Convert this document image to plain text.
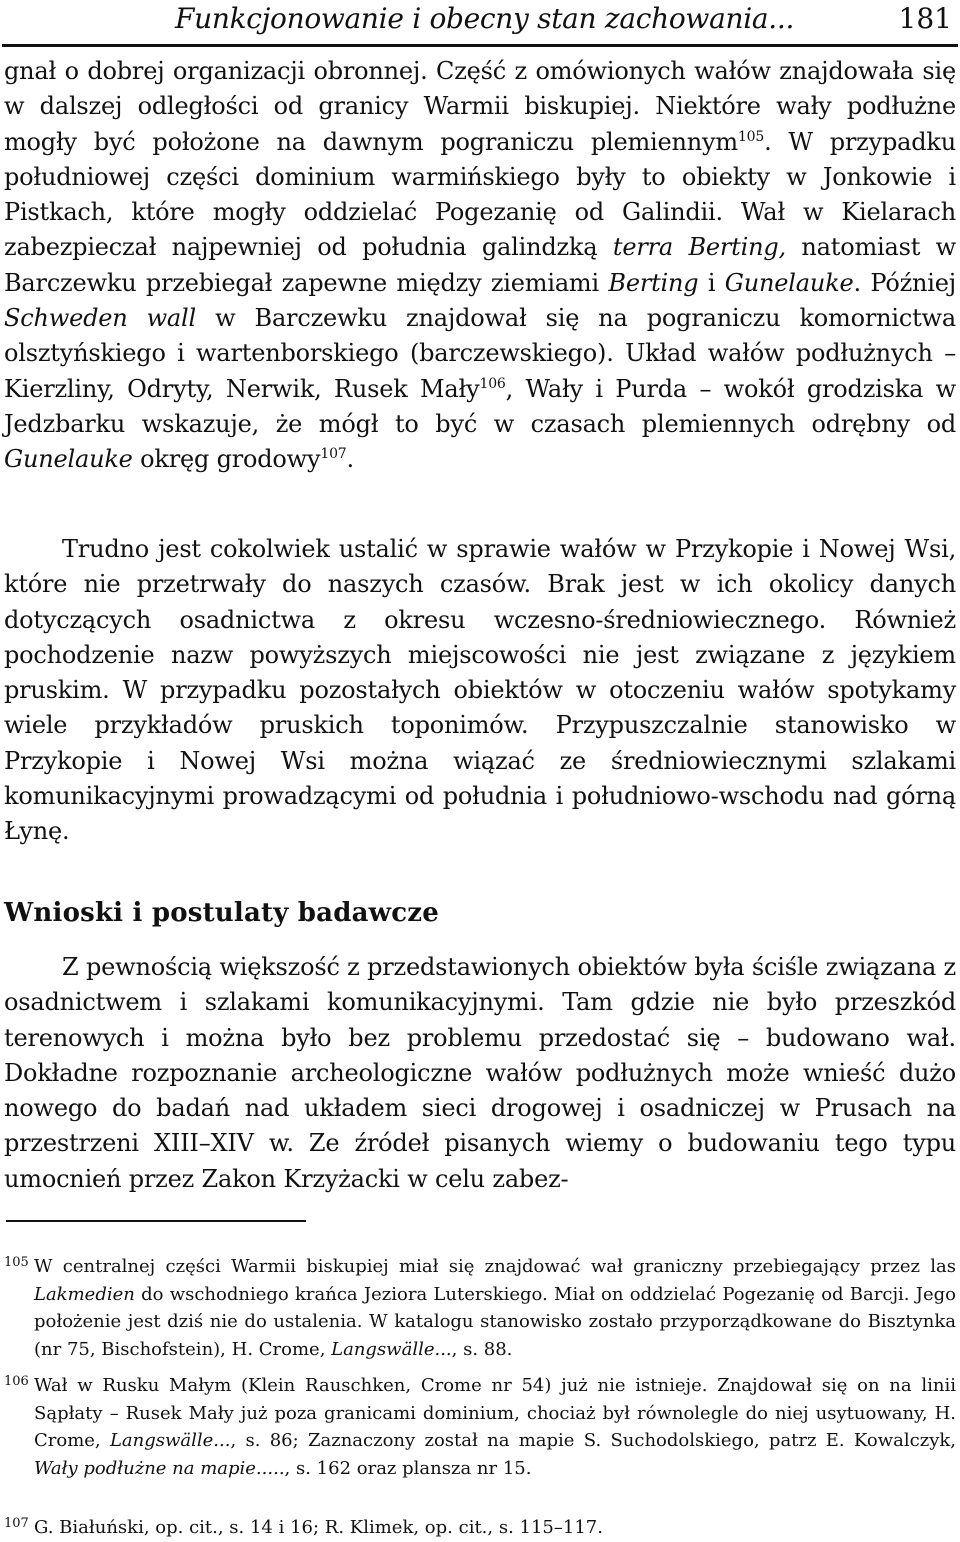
Funkcjonowanie i obecny stan zachowania...	181

gnał o dobrej organizacji obronnej. Część z omówionych wałów znajdowała się w dalszej odległości od granicy Warmii biskupiej. Niektóre wały podłużne mogły być położone na dawnym pograniczu plemiennym$^{105}$. W przypadku południowej części dominium warmińskiego były to obiekty w Jonkowie i Pistkach, które mogły oddzielać Pogezanię od Galindii. Wał w Kielarach zabezpieczał najpewniej od południa galindzką terra Berting, natomiast w Barczewku przebiegał zapewne między ziemiami Berting i Gunelauke. Później Schweden wall w Barczewku znajdował się na pograniczu komornictwa olsztyńskiego i wartenborskiego (barczewskiego). Układ wałów podłużnych – Kierzliny, Odryty, Nerwik, Rusek Mały$^{106}$, Wały i Purda – wokół grodziska w Jedzbarku wskazuje, że mógł to być w czasach plemiennych odrębny od Gunelauke okręg grodowy$^{107}$.

Trudno jest cokolwiek ustalić w sprawie wałów w Przykopie i Nowej Wsi, które nie przetrwały do naszych czasów. Brak jest w ich okolicy danych dotyczących osadnictwa z okresu wczesno-średniowiecznego. Również pochodzenie nazw powyższych miejscowości nie jest związane z językiem pruskim. W przypadku pozostałych obiektów w otoczeniu wałów spotykamy wiele przykładów pruskich toponimów. Przypuszczalnie stanowisko w Przykopie i Nowej Wsi można wiązać ze średniowiecznymi szlakami komunikacyjnymi prowadzącymi od południa i południowo-wschodu nad górną Łynę.

Wnioski i postulaty badawcze

Z pewnością większość z przedstawionych obiektów była ściśle związana z osadnictwem i szlakami komunikacyjnymi. Tam gdzie nie było przeszkód terenowych i można było bez problemu przedostać się – budowano wał. Dokładne rozpoznanie archeologiczne wałów podłużnych może wnieść dużo nowego do badań nad układem sieci drogowej i osadniczej w Prusach na przestrzeni XIII–XIV w. Ze źródeł pisanych wiemy o budowaniu tego typu umocnień przez Zakon Krzyżacki w celu zabez-

105 W centralnej części Warmii biskupiej miał się znajdować wał graniczny przebiegający przez las Lakmedien do wschodniego krańca Jeziora Luterskiego. Miał on oddzielać Pogezanię od Barcji. Jego położenie jest dziś nie do ustalenia. W katalogu stanowisko zostało przyporządkowane do Bisztynka (nr 75, Bischofstein), H. Crome, Langswälle..., s. 88.

106 Wał w Rusku Małym (Klein Rauschken, Crome nr 54) już nie istnieje. Znajdował się on na linii Sąpłaty – Rusek Mały już poza granicami dominium, chociaż był równolegle do niej usytuowany, H. Crome, Langswälle..., s. 86; Zaznaczony został na mapie S. Suchodolskiego, patrz E. Kowalczyk, Wały podłużne na mapie....., s. 162 oraz plansza nr 15.

107 G. Białuński, op. cit., s. 14 i 16; R. Klimek, op. cit., s. 115–117.
